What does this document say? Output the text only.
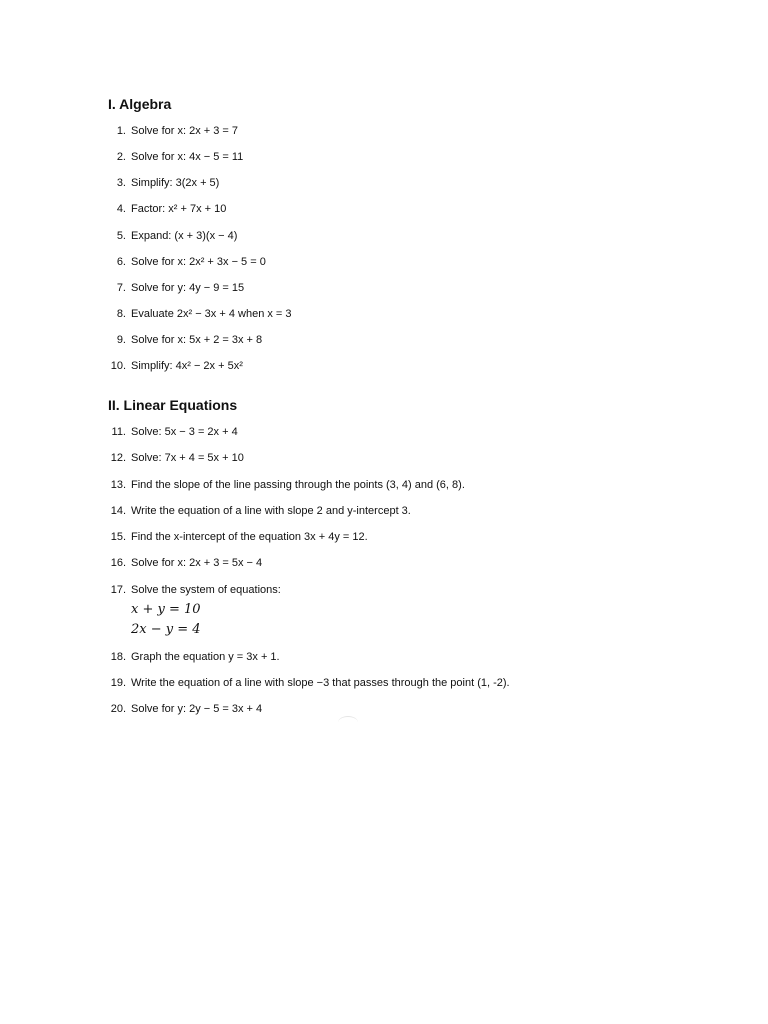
I. Algebra
1. Solve for x: 2x + 3 = 7
2. Solve for x: 4x − 5 = 11
3. Simplify: 3(2x + 5)
4. Factor: x² + 7x + 10
5. Expand: (x + 3)(x − 4)
6. Solve for x: 2x² + 3x − 5 = 0
7. Solve for y: 4y − 9 = 15
8. Evaluate 2x² − 3x + 4 when x = 3
9. Solve for x: 5x + 2 = 3x + 8
10. Simplify: 4x² − 2x + 5x²
II. Linear Equations
11. Solve: 5x − 3 = 2x + 4
12. Solve: 7x + 4 = 5x + 10
13. Find the slope of the line passing through the points (3, 4) and (6, 8).
14. Write the equation of a line with slope 2 and y-intercept 3.
15. Find the x-intercept of the equation 3x + 4y = 12.
16. Solve for x: 2x + 3 = 5x − 4
17. Solve the system of equations:
x + y = 10
2x − y = 4
18. Graph the equation y = 3x + 1.
19. Write the equation of a line with slope −3 that passes through the point (1, -2).
20. Solve for y: 2y − 5 = 3x + 4
